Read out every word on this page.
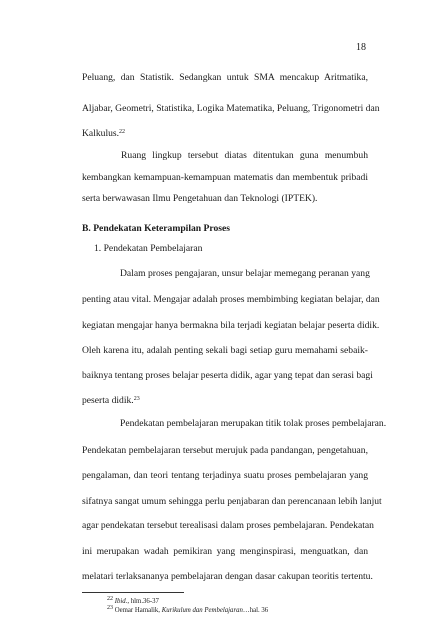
18
Peluang, dan Statistik. Sedangkan untuk SMA mencakup Aritmatika,
Aljabar, Geometri, Statistika, Logika Matematika, Peluang, Trigonometri dan
Kalkulus.$^{22}$
Ruang lingkup tersebut diatas ditentukan guna menumbuh
kembangkan kemampuan-kemampuan matematis dan membentuk pribadi
serta berwawasan Ilmu Pengetahuan dan Teknologi (IPTEK).
B. Pendekatan Keterampilan Proses
1. Pendekatan Pembelajaran
Dalam proses pengajaran, unsur belajar memegang peranan yang
penting atau vital. Mengajar adalah proses membimbing kegiatan belajar, dan
kegiatan mengajar hanya bermakna bila terjadi kegiatan belajar peserta didik.
Oleh karena itu, adalah penting sekali bagi setiap guru memahami sebaik-
baiknya tentang proses belajar peserta didik, agar yang tepat dan serasi bagi
peserta didik.$^{23}$
Pendekatan pembelajaran merupakan titik tolak proses pembelajaran.
Pendekatan pembelajaran tersebut merujuk pada pandangan, pengetahuan,
pengalaman, dan teori tentang terjadinya suatu proses pembelajaran yang
sifatnya sangat umum sehingga perlu penjabaran dan perencanaan lebih lanjut
agar pendekatan tersebut terealisasi dalam proses pembelajaran. Pendekatan
ini merupakan wadah pemikiran yang menginspirasi, menguatkan, dan
melatari terlaksananya pembelajaran dengan dasar cakupan teoritis tertentu.
$^{22}$ Ibid., hlm.36-37
$^{23}$ Oemar Hamalik, Kurikulum dan Pembelajaran…hal. 36
